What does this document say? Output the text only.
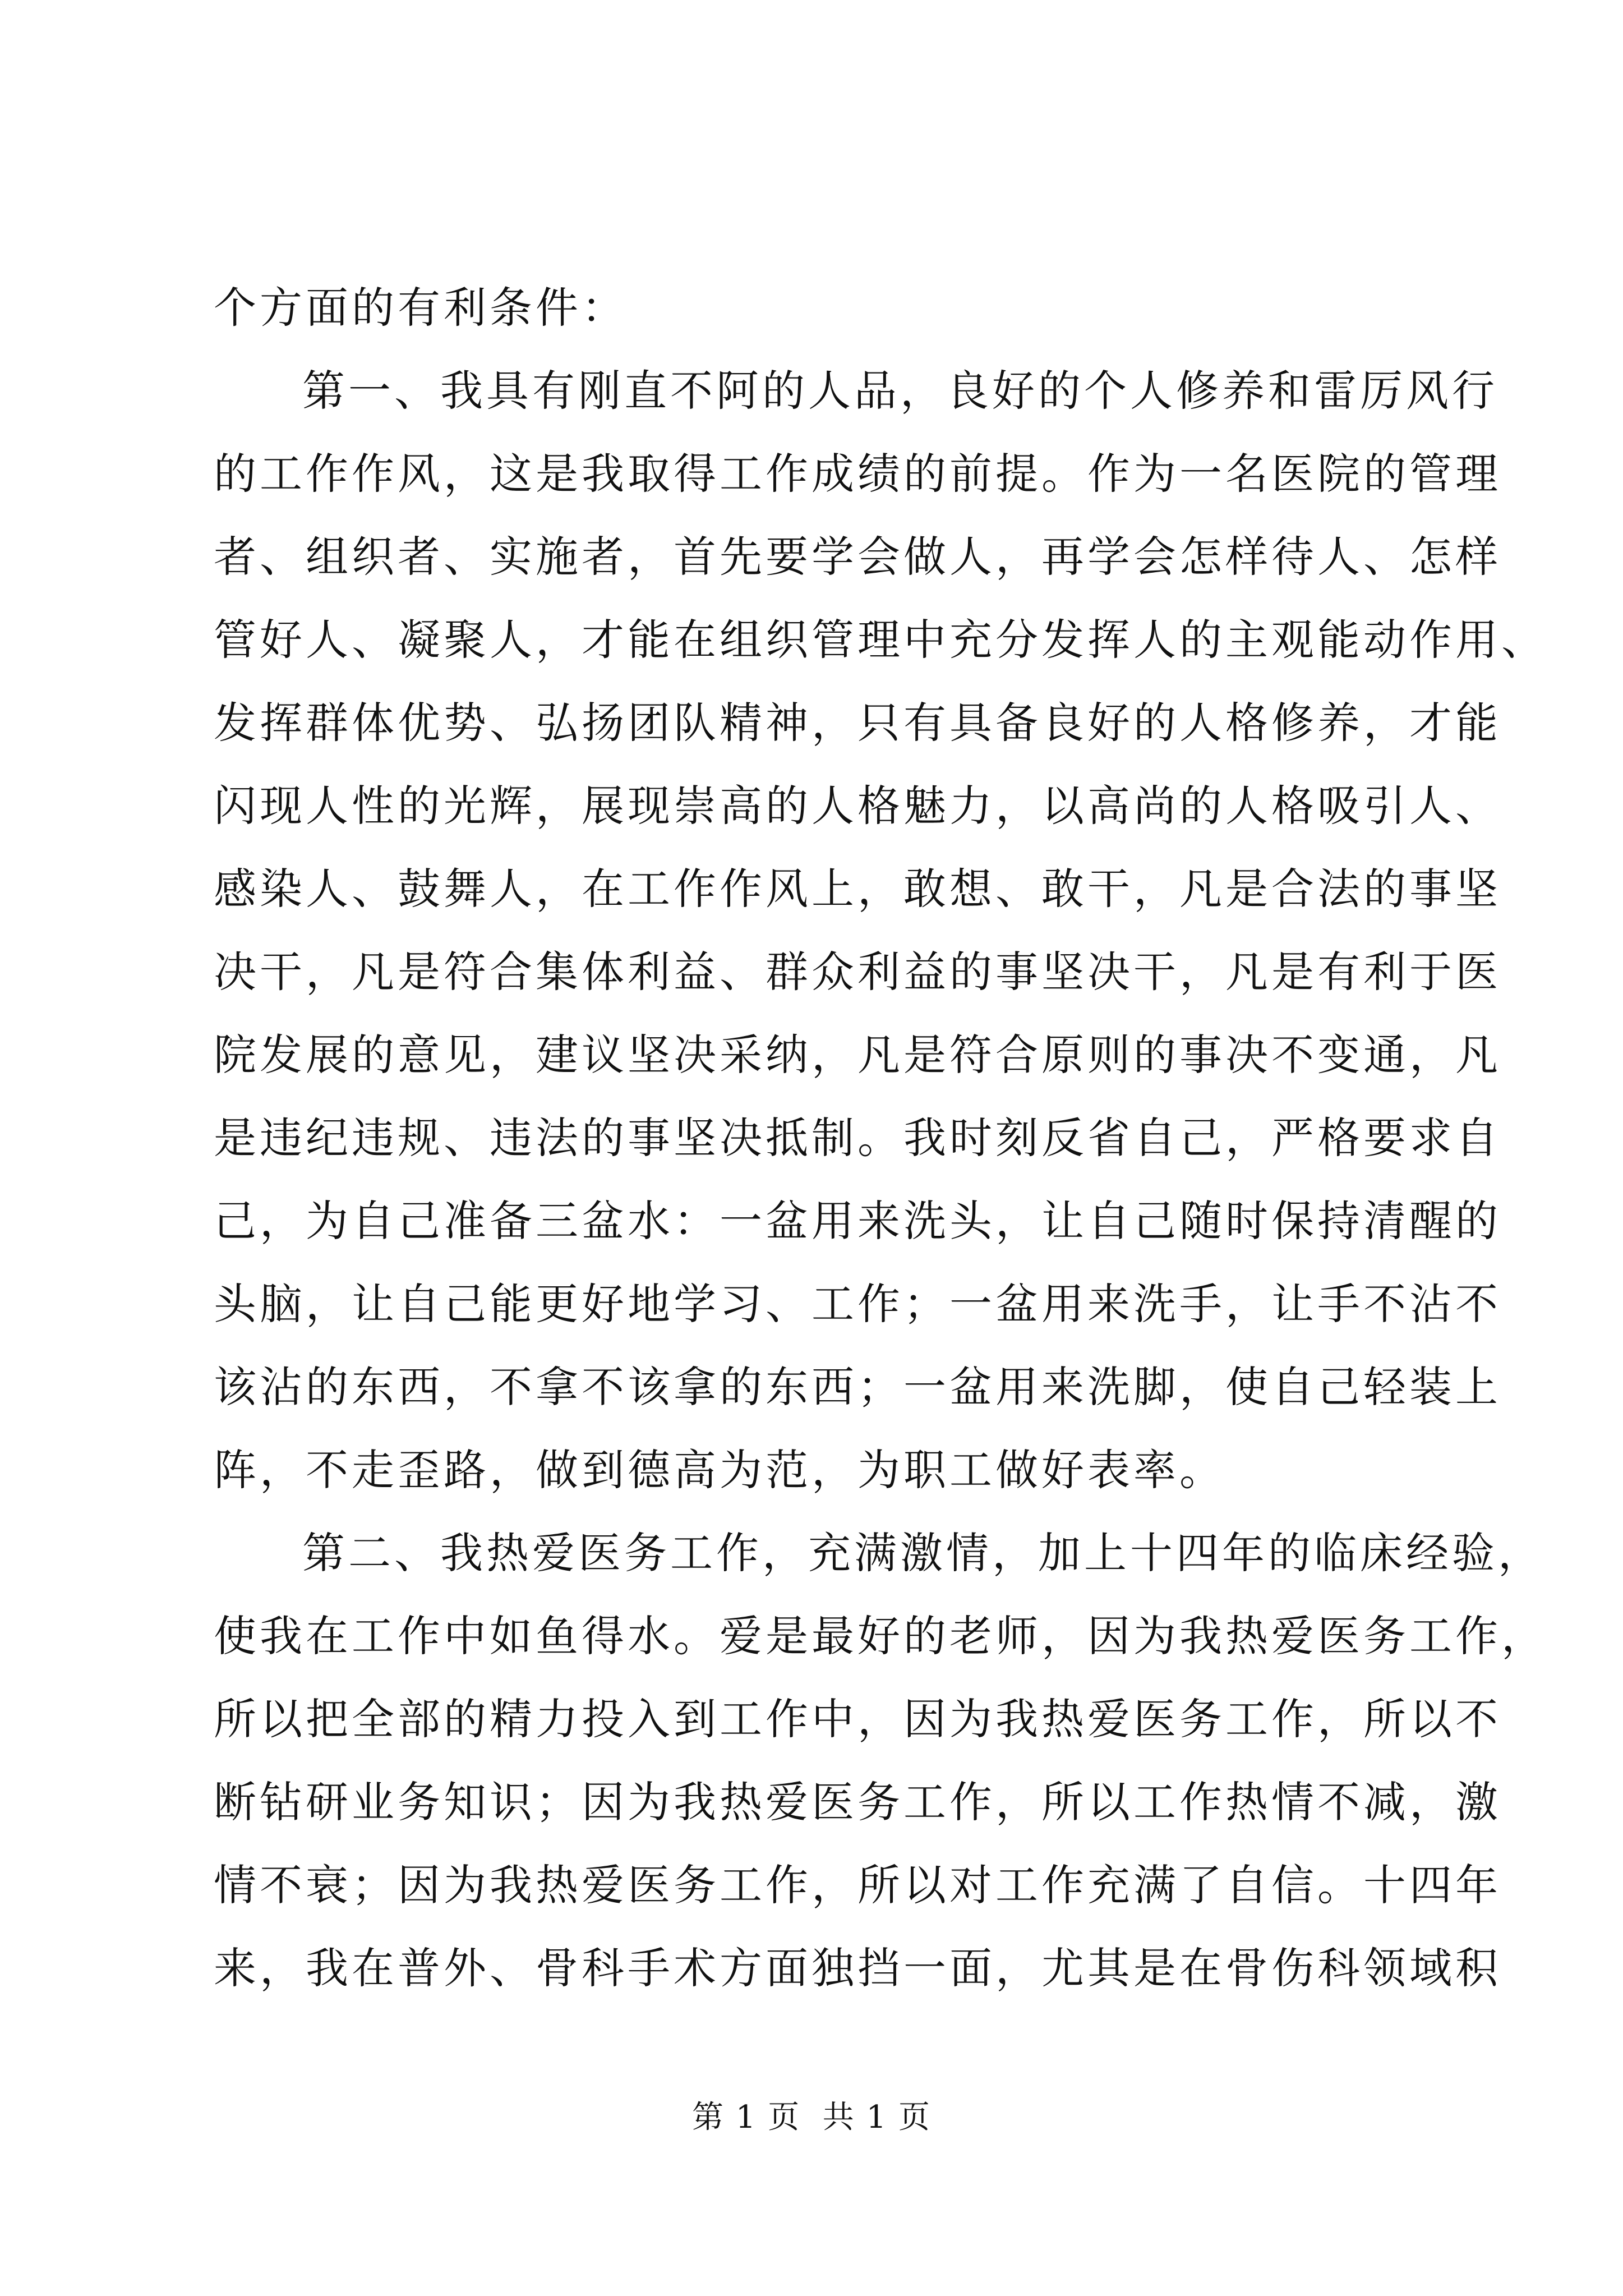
个方面的有利条件：
第一、我具有刚直不阿的人品，良好的个人修养和雷厉风行
的工作作风，这是我取得工作成绩的前提。作为一名医院的管理
者、组织者、实施者，首先要学会做人，再学会怎样待人、怎样
管好人、凝聚人，才能在组织管理中充分发挥人的主观能动作用、
发挥群体优势、弘扬团队精神，只有具备良好的人格修养，才能
闪现人性的光辉，展现崇高的人格魅力，以高尚的人格吸引人、
感染人、鼓舞人，在工作作风上，敢想、敢干，凡是合法的事坚
决干，凡是符合集体利益、群众利益的事坚决干，凡是有利于医
院发展的意见，建议坚决采纳，凡是符合原则的事决不变通，凡
是违纪违规、违法的事坚决抵制。我时刻反省自己，严格要求自
己，为自己准备三盆水：一盆用来洗头，让自己随时保持清醒的
头脑，让自己能更好地学习、工作；一盆用来洗手，让手不沾不
该沾的东西，不拿不该拿的东西；一盆用来洗脚，使自己轻装上
阵，不走歪路，做到德高为范，为职工做好表率。
第二、我热爱医务工作，充满激情，加上十四年的临床经验，
使我在工作中如鱼得水。爱是最好的老师，因为我热爱医务工作，
所以把全部的精力投入到工作中，因为我热爱医务工作，所以不
断钻研业务知识；因为我热爱医务工作，所以工作热情不减，激
情不衰；因为我热爱医务工作，所以对工作充满了自信。十四年
来，我在普外、骨科手术方面独挡一面，尤其是在骨伤科领域积
第 1 页  共 1 页
